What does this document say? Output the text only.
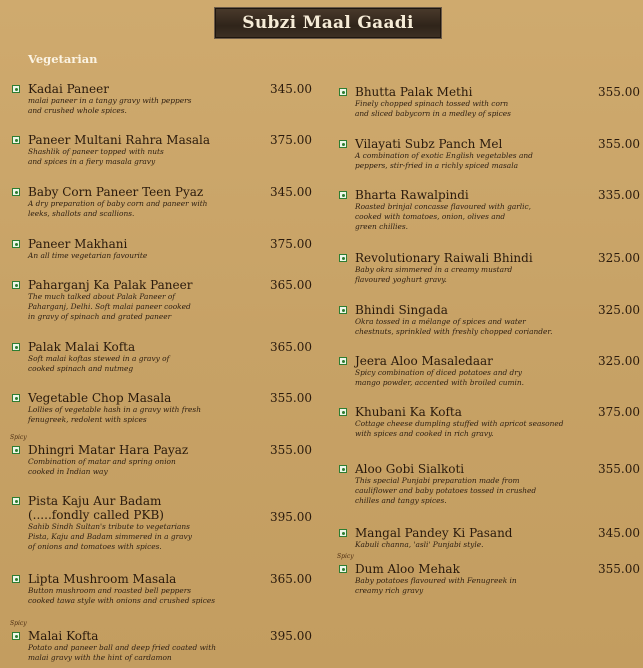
Subzi Maal Gaadi
Vegetarian
Kadai Paneer
malai paneer in a tangy gravy with peppers
and crushed whole spices.
345.00
Paneer Multani Rahra Masala
Shashlik of paneer topped with nuts
and spices in a fiery masala gravy
375.00
Baby Corn Paneer Teen Pyaz
A dry preparation of baby corn and paneer with
leeks, shallots and scallions.
345.00
Paneer Makhani
An all time vegetarian favourite
375.00
Paharganj Ka Palak Paneer
The much talked about Palak Paneer of
Paharganj, Delhi. Soft malai paneer cooked
in gravy of spinach and grated paneer
365.00
Palak Malai Kofta
Soft malai koftas stewed in a gravy of
cooked spinach and nutmeg
365.00
Vegetable Chop Masala
Lollies of vegetable hash in a gravy with fresh
fenugreek, redolent with spices
355.00
Spicy
Dhingri Matar Hara Payaz
Combination of matar and spring onion
cooked in Indian way
355.00
Pista Kaju Aur Badam
(.....fondly called PKB)
Sahib Sindh Sultan's tribute to vegetarians
Pista, Kaju and Badam simmered in a gravy
of onions and tomatoes with spices.
395.00
Lipta Mushroom Masala
Button mushroom and roasted bell peppers
cooked tawa style with onions and crushed spices
365.00
Spicy
Malai Kofta
Potato and paneer ball and deep fried coated with
malai gravy with the hint of cardamon
395.00
Bhutta Palak Methi
Finely chopped spinach tossed with corn
and sliced babycorn in a medley of spices
355.00
Vilayati Subz Panch Mel
A combination of exotic English vegetables and
peppers, stir-fried in a richly spiced masala
355.00
Bharta Rawalpindi
Roasted brinjal concasse flavoured with garlic,
cooked with tomatoes, onion, olives and
green chillies.
335.00
Revolutionary Raiwali Bhindi
Baby okra simmered in a creamy mustard
flavoured yoghurt gravy.
325.00
Bhindi Singada
Okra tossed in a mélange of spices and water
chestnuts, sprinkled with freshly chopped coriander.
325.00
Jeera Aloo Masaledaar
Spicy combination of diced potatoes and dry
mango powder, accented with broiled cumin.
325.00
Khubani Ka Kofta
Cottage cheese dumpling stuffed with apricot seasoned
with spices and cooked in rich gravy.
375.00
Aloo Gobi Sialkoti
This special Punjabi preparation made from
cauliflower and baby potatoes tossed in crushed
chilles and tangy spices.
355.00
Mangal Pandey Ki Pasand
Kabuli channa, 'asli' Punjabi style.
345.00
Spicy
Dum Aloo Mehak
Baby potatoes flavoured with Fenugreek in
creamy rich gravy
355.00
